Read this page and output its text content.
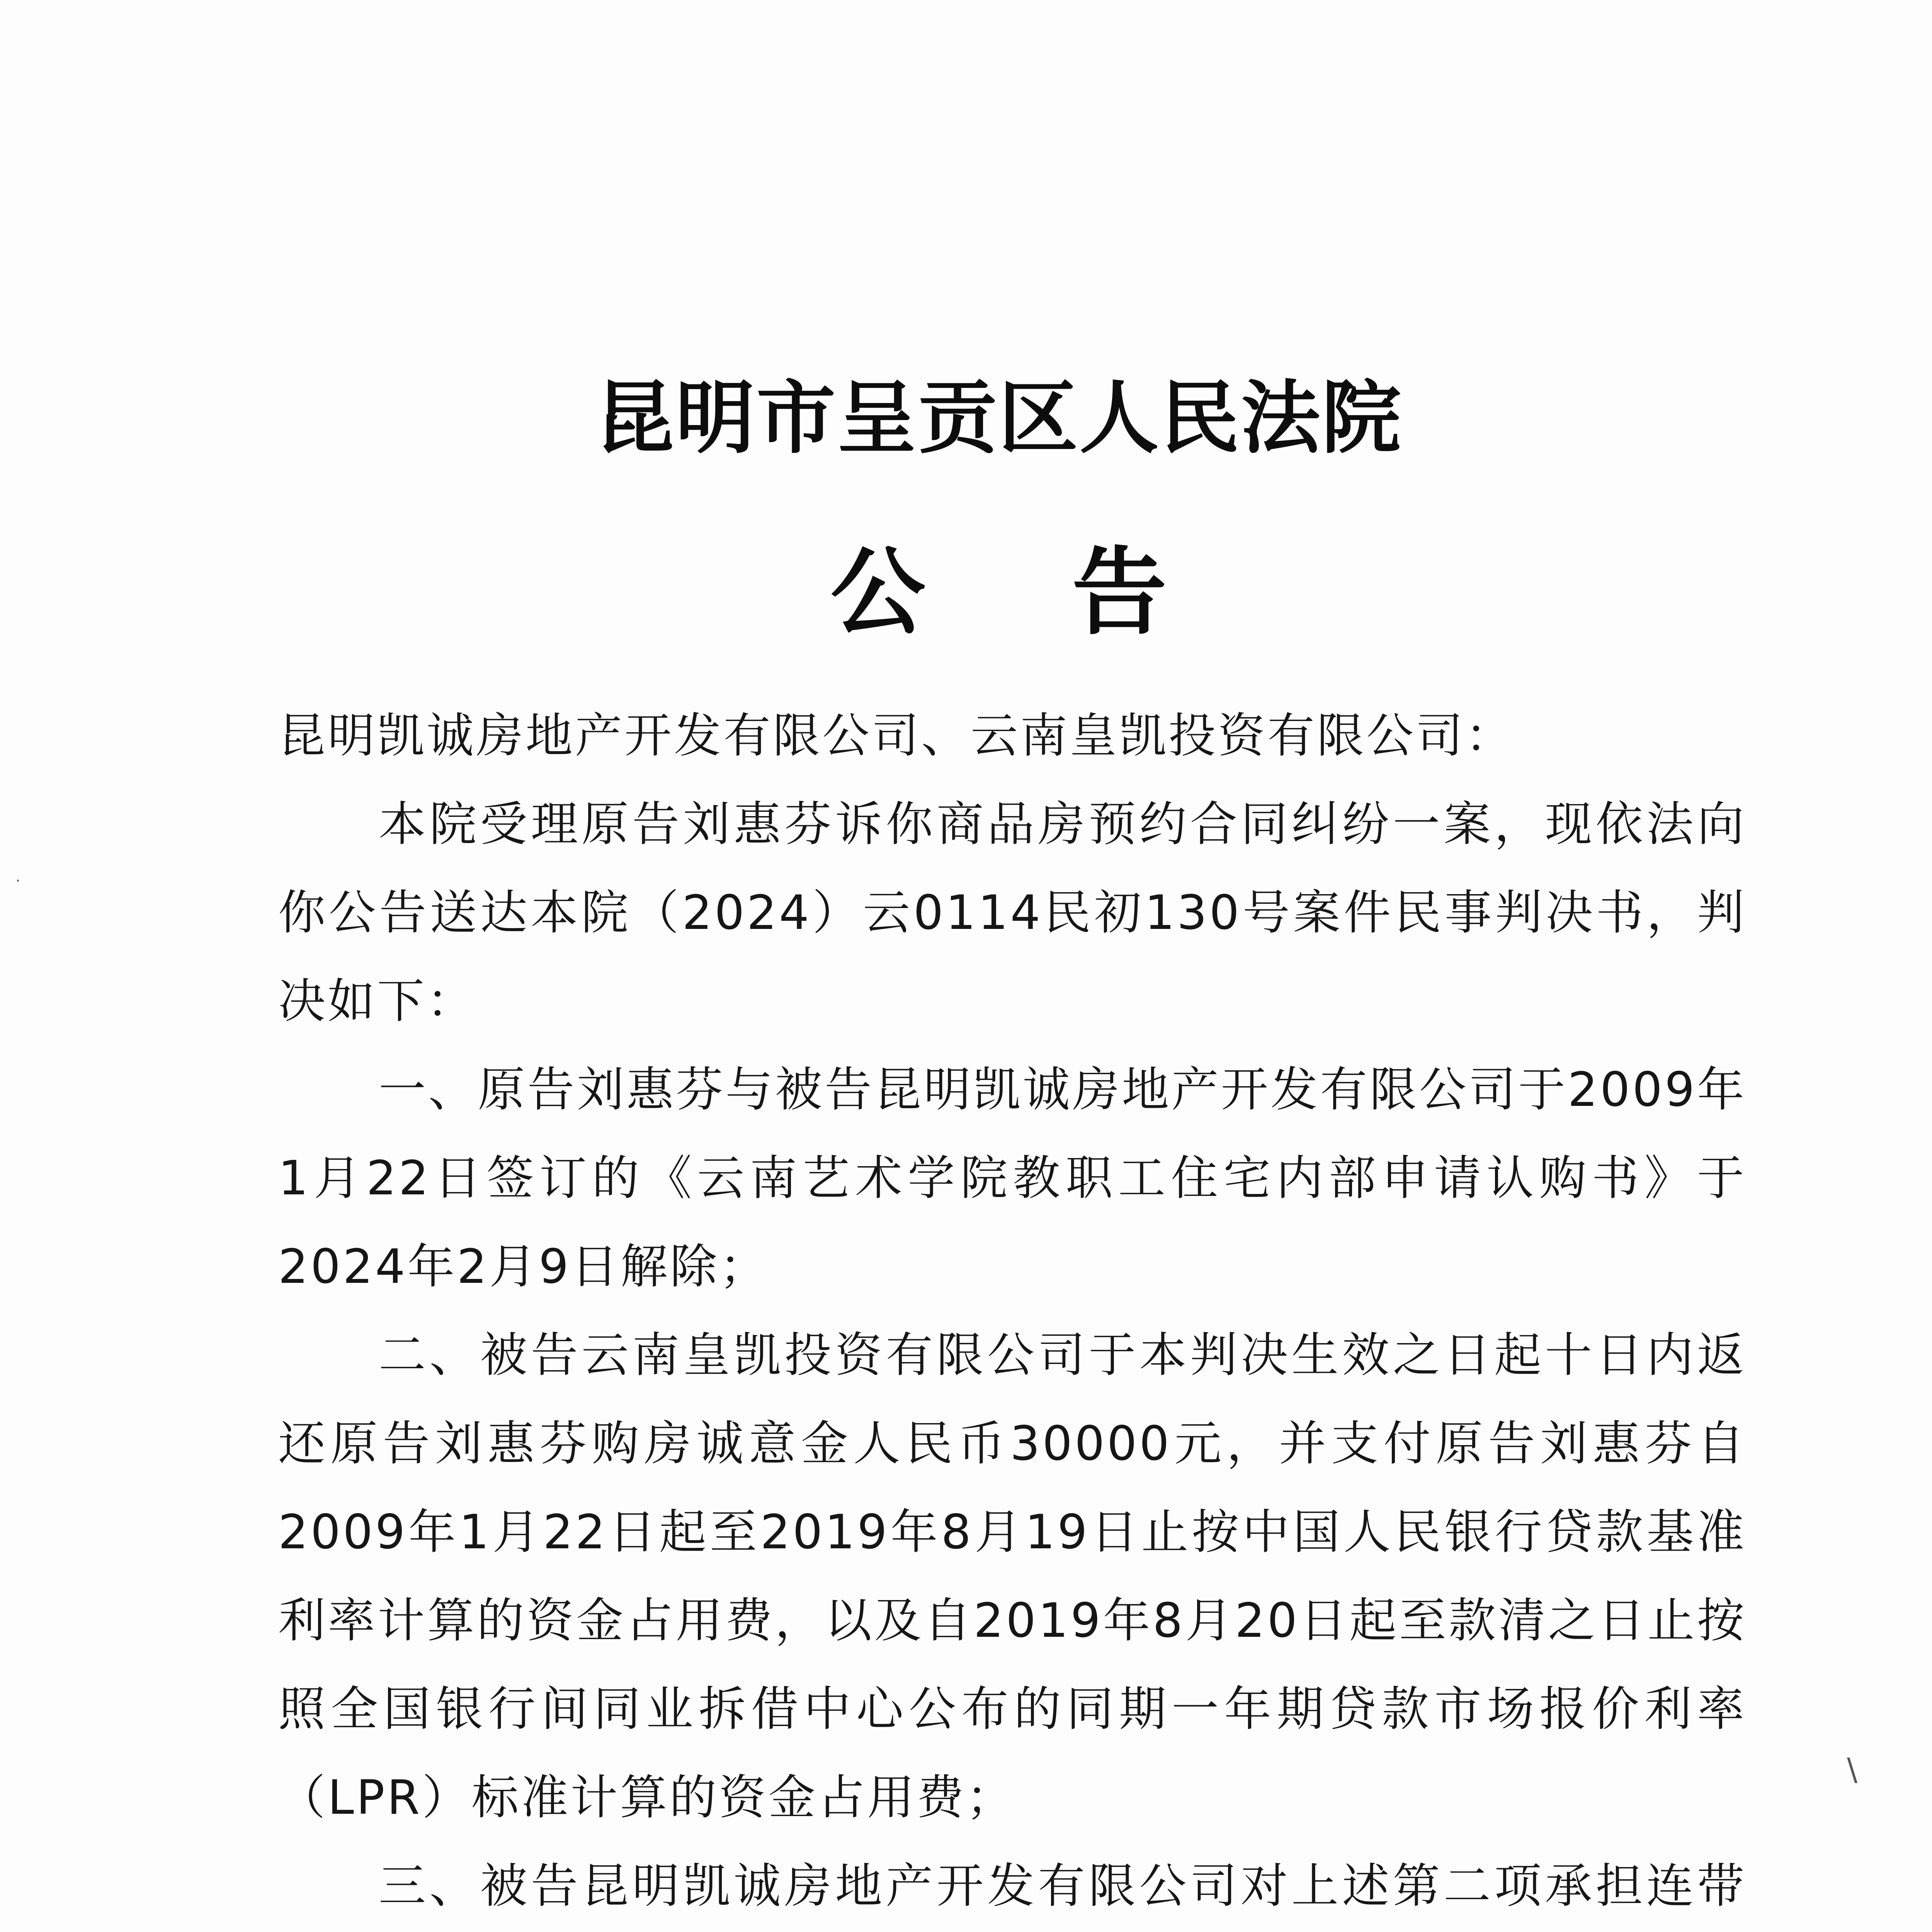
昆明市呈贡区人民法院
公告

昆明凯诚房地产开发有限公司、云南皇凯投资有限公司：

本院受理原告刘惠芬诉你商品房预约合同纠纷一案，现依法向你公告送达本院（2024）云0114民初130号案件民事判决书，判决如下：

一、原告刘惠芬与被告昆明凯诚房地产开发有限公司于2009年1月22日签订的《云南艺术学院教职工住宅内部申请认购书》于2024年2月9日解除；

二、被告云南皇凯投资有限公司于本判决生效之日起十日内返还原告刘惠芬购房诚意金人民币30000元，并支付原告刘惠芬自2009年1月22日起至2019年8月19日止按中国人民银行贷款基准利率计算的资金占用费，以及自2019年8月20日起至款清之日止按照全国银行间同业拆借中心公布的同期一年期贷款市场报价利率（LPR）标准计算的资金占用费；

三、被告昆明凯诚房地产开发有限公司对上述第二项承担连带

\
·
